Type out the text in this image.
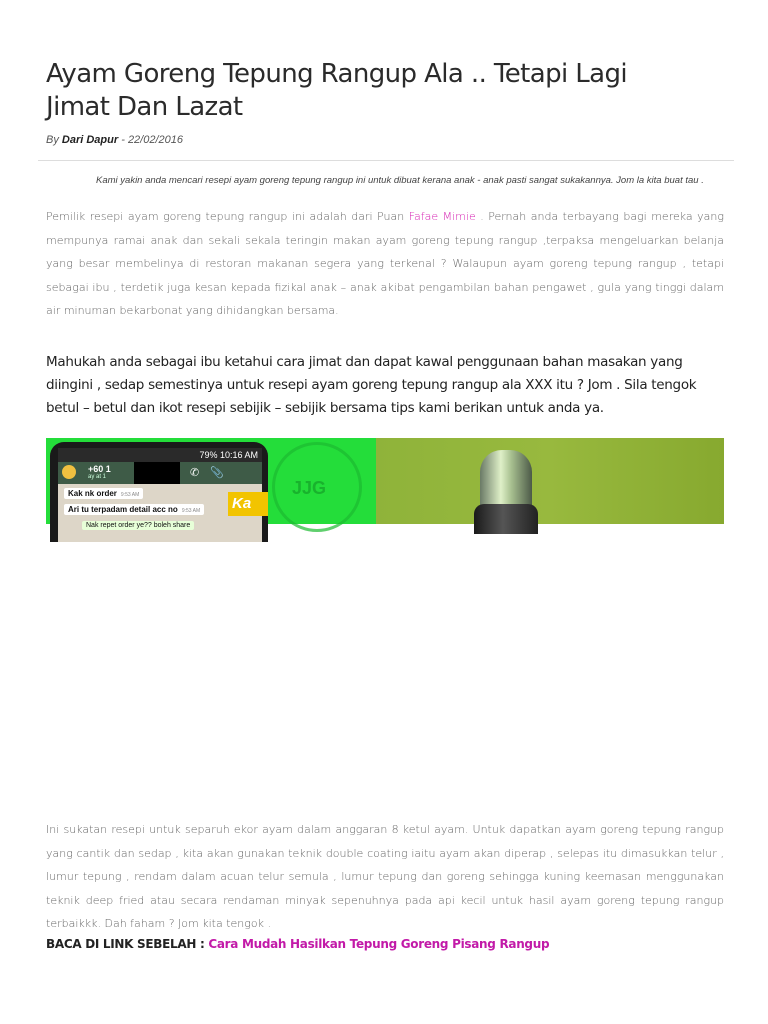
Ayam Goreng Tepung Rangup Ala .. Tetapi Lagi Jimat Dan Lazat
By Dari Dapur - 22/02/2016
Kami yakin anda mencari resepi ayam goreng tepung rangup ini untuk dibuat kerana anak - anak pasti sangat sukakannya. Jom la kita buat tau .

Pemilik resepi ayam goreng tepung rangup ini adalah dari Puan Fafae Mimie . Pernah anda terbayang bagi mereka yang mempunya ramai anak dan sekali sekala teringin makan ayam goreng tepung rangup ,terpaksa mengeluarkan belanja yang besar membelinya di restoran makanan segera yang terkenal ? Walaupun ayam goreng tepung rangup , tetapi sebagai ibu , terdetik juga kesan kepada fizikal anak – anak akibat pengambilan bahan pengawet , gula yang tinggi dalam air minuman bekarbonat yang dihidangkan bersama.

Mahukah anda sebagai ibu ketahui cara jimat dan dapat kawal penggunaan bahan masakan yang diingini , sedap semestinya untuk resepi ayam goreng tepung rangup ala XXX itu ? Jom . Sila tengok betul – betul dan ikot resepi sebijik – sebijik bersama tips kami berikan untuk anda ya.

79% 10:16 AM
+60 1
ay at 1	✆ 📎
Kak nk order 9:53 AM
Ari tu terpadam detail acc no 9:53 AM
Nak repet order ye?? boleh share
Ka
JJG

Ini sukatan resepi untuk separuh ekor ayam dalam anggaran 8 ketul ayam. Untuk dapatkan ayam goreng tepung rangup yang cantik dan sedap , kita akan gunakan teknik double coating iaitu ayam akan diperap , selepas itu dimasukkan telur , lumur tepung , rendam dalam acuan telur semula , lumur tepung dan goreng sehingga kuning keemasan menggunakan teknik deep fried atau secara rendaman minyak sepenuhnya pada api kecil untuk hasil ayam goreng tepung rangup terbaikkk. Dah faham ? Jom kita tengok .

BACA DI LINK SEBELAH : Cara Mudah Hasilkan Tepung Goreng Pisang Rangup
